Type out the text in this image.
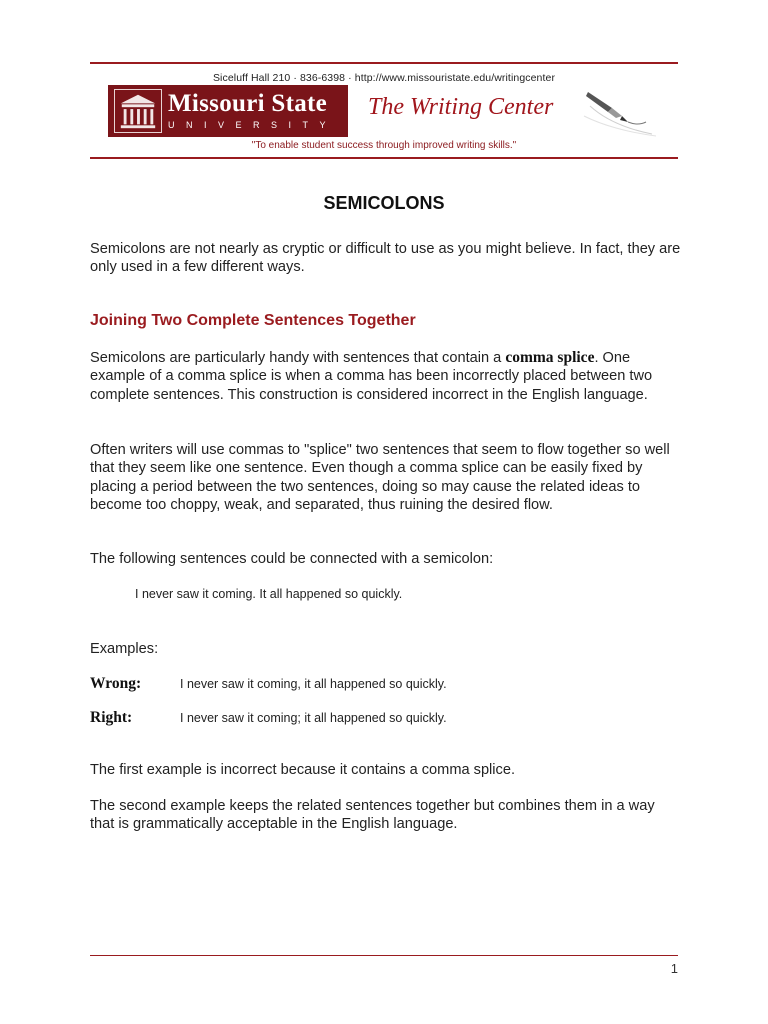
Siceluff Hall 210 · 836-6398 · http://www.missouristate.edu/writingcenter
Missouri State
UNIVERSITY
The Writing Center
"To enable student success through improved writing skills."
SEMICOLONS

Semicolons are not nearly as cryptic or difficult to use as you might believe. In fact, they are only used in a few different ways.

Joining Two Complete Sentences Together

Semicolons are particularly handy with sentences that contain a comma splice. One example of a comma splice is when a comma has been incorrectly placed between two complete sentences. This construction is considered incorrect in the English language.

Often writers will use commas to "splice" two sentences that seem to flow together so well that they seem like one sentence. Even though a comma splice can be easily fixed by placing a period between the two sentences, doing so may cause the related ideas to become too choppy, weak, and separated, thus ruining the desired flow.

The following sentences could be connected with a semicolon:

I never saw it coming. It all happened so quickly.

Examples:

Wrong:	I never saw it coming, it all happened so quickly.
Right:	I never saw it coming; it all happened so quickly.

The first example is incorrect because it contains a comma splice.

The second example keeps the related sentences together but combines them in a way that is grammatically acceptable in the English language.

1
